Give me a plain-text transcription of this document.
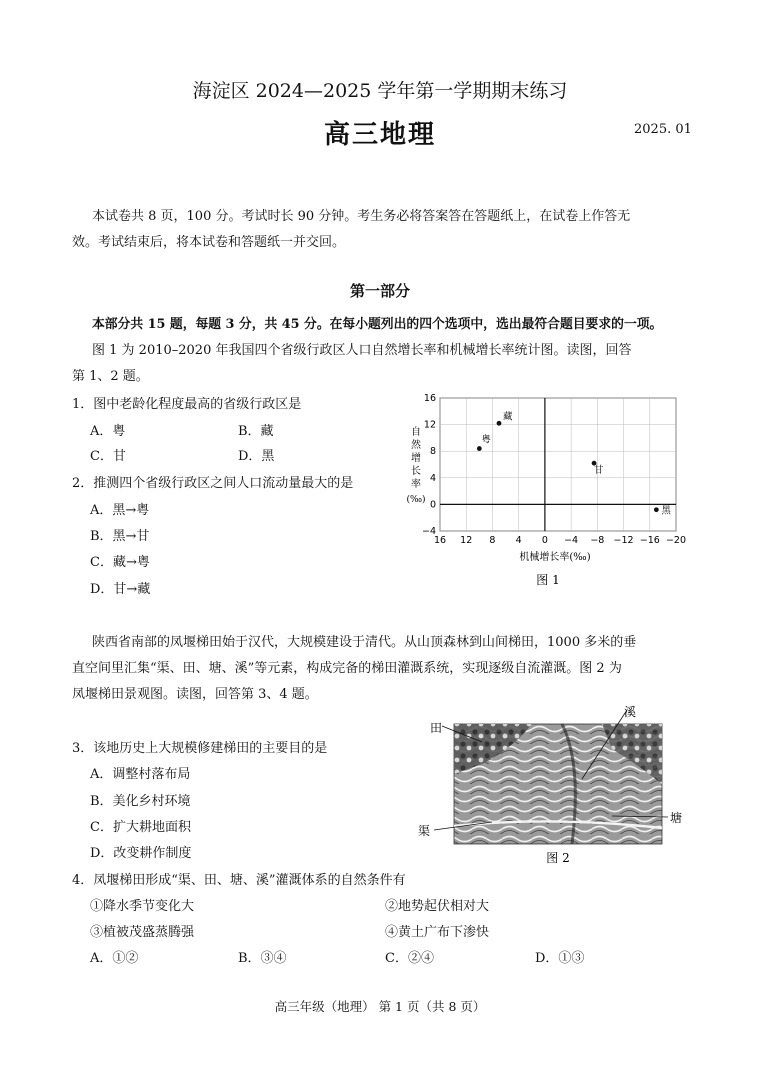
海淀区 2024—2025 学年第一学期期末练习
高三地理	2025. 01
本试卷共 8 页，100 分。考试时长 90 分钟。考生务必将答案答在答题纸上，在试卷上作答无
效。考试结束后，将本试卷和答题纸一并交回。
第一部分
本部分共 15 题，每题 3 分，共 45 分。在每小题列出的四个选项中，选出最符合题目要求的一项。
图 1 为 2010–2020 年我国四个省级行政区人口自然增长率和机械增长率统计图。读图，回答
第 1、2 题。
1．图中老龄化程度最高的省级行政区是
A．粤	B．藏
C．甘	D．黑
2．推测四个省级行政区之间人口流动量最大的是
A．黑→粤
B．黑→甘
C．藏→粤
D．甘→藏
16 12 8 4 0 −4 −8 −12 −16 −20
16
12
8
4
0
−4
藏
粤
甘
黑
自
然
增
长
率
(‰)
机械增长率(‰)
图 1
陕西省南部的凤堰梯田始于汉代，大规模建设于清代。从山顶森林到山间梯田，1000 多米的垂
直空间里汇集“渠、田、塘、溪”等元素，构成完备的梯田灌溉系统，实现逐级自流灌溉。图 2 为
凤堰梯田景观图。读图，回答第 3、4 题。
3．该地历史上大规模修建梯田的主要目的是
A．调整村落布局
B．美化乡村环境
C．扩大耕地面积
D．改变耕作制度
田
溪
渠
塘
图 2
4．凤堰梯田形成“渠、田、塘、溪”灌溉体系的自然条件有
①降水季节变化大	②地势起伏相对大
③植被茂盛蒸腾强	④黄土广布下渗快
A．①②	B．③④	C．②④	D．①③
高三年级（地理） 第 1 页（共 8 页）
